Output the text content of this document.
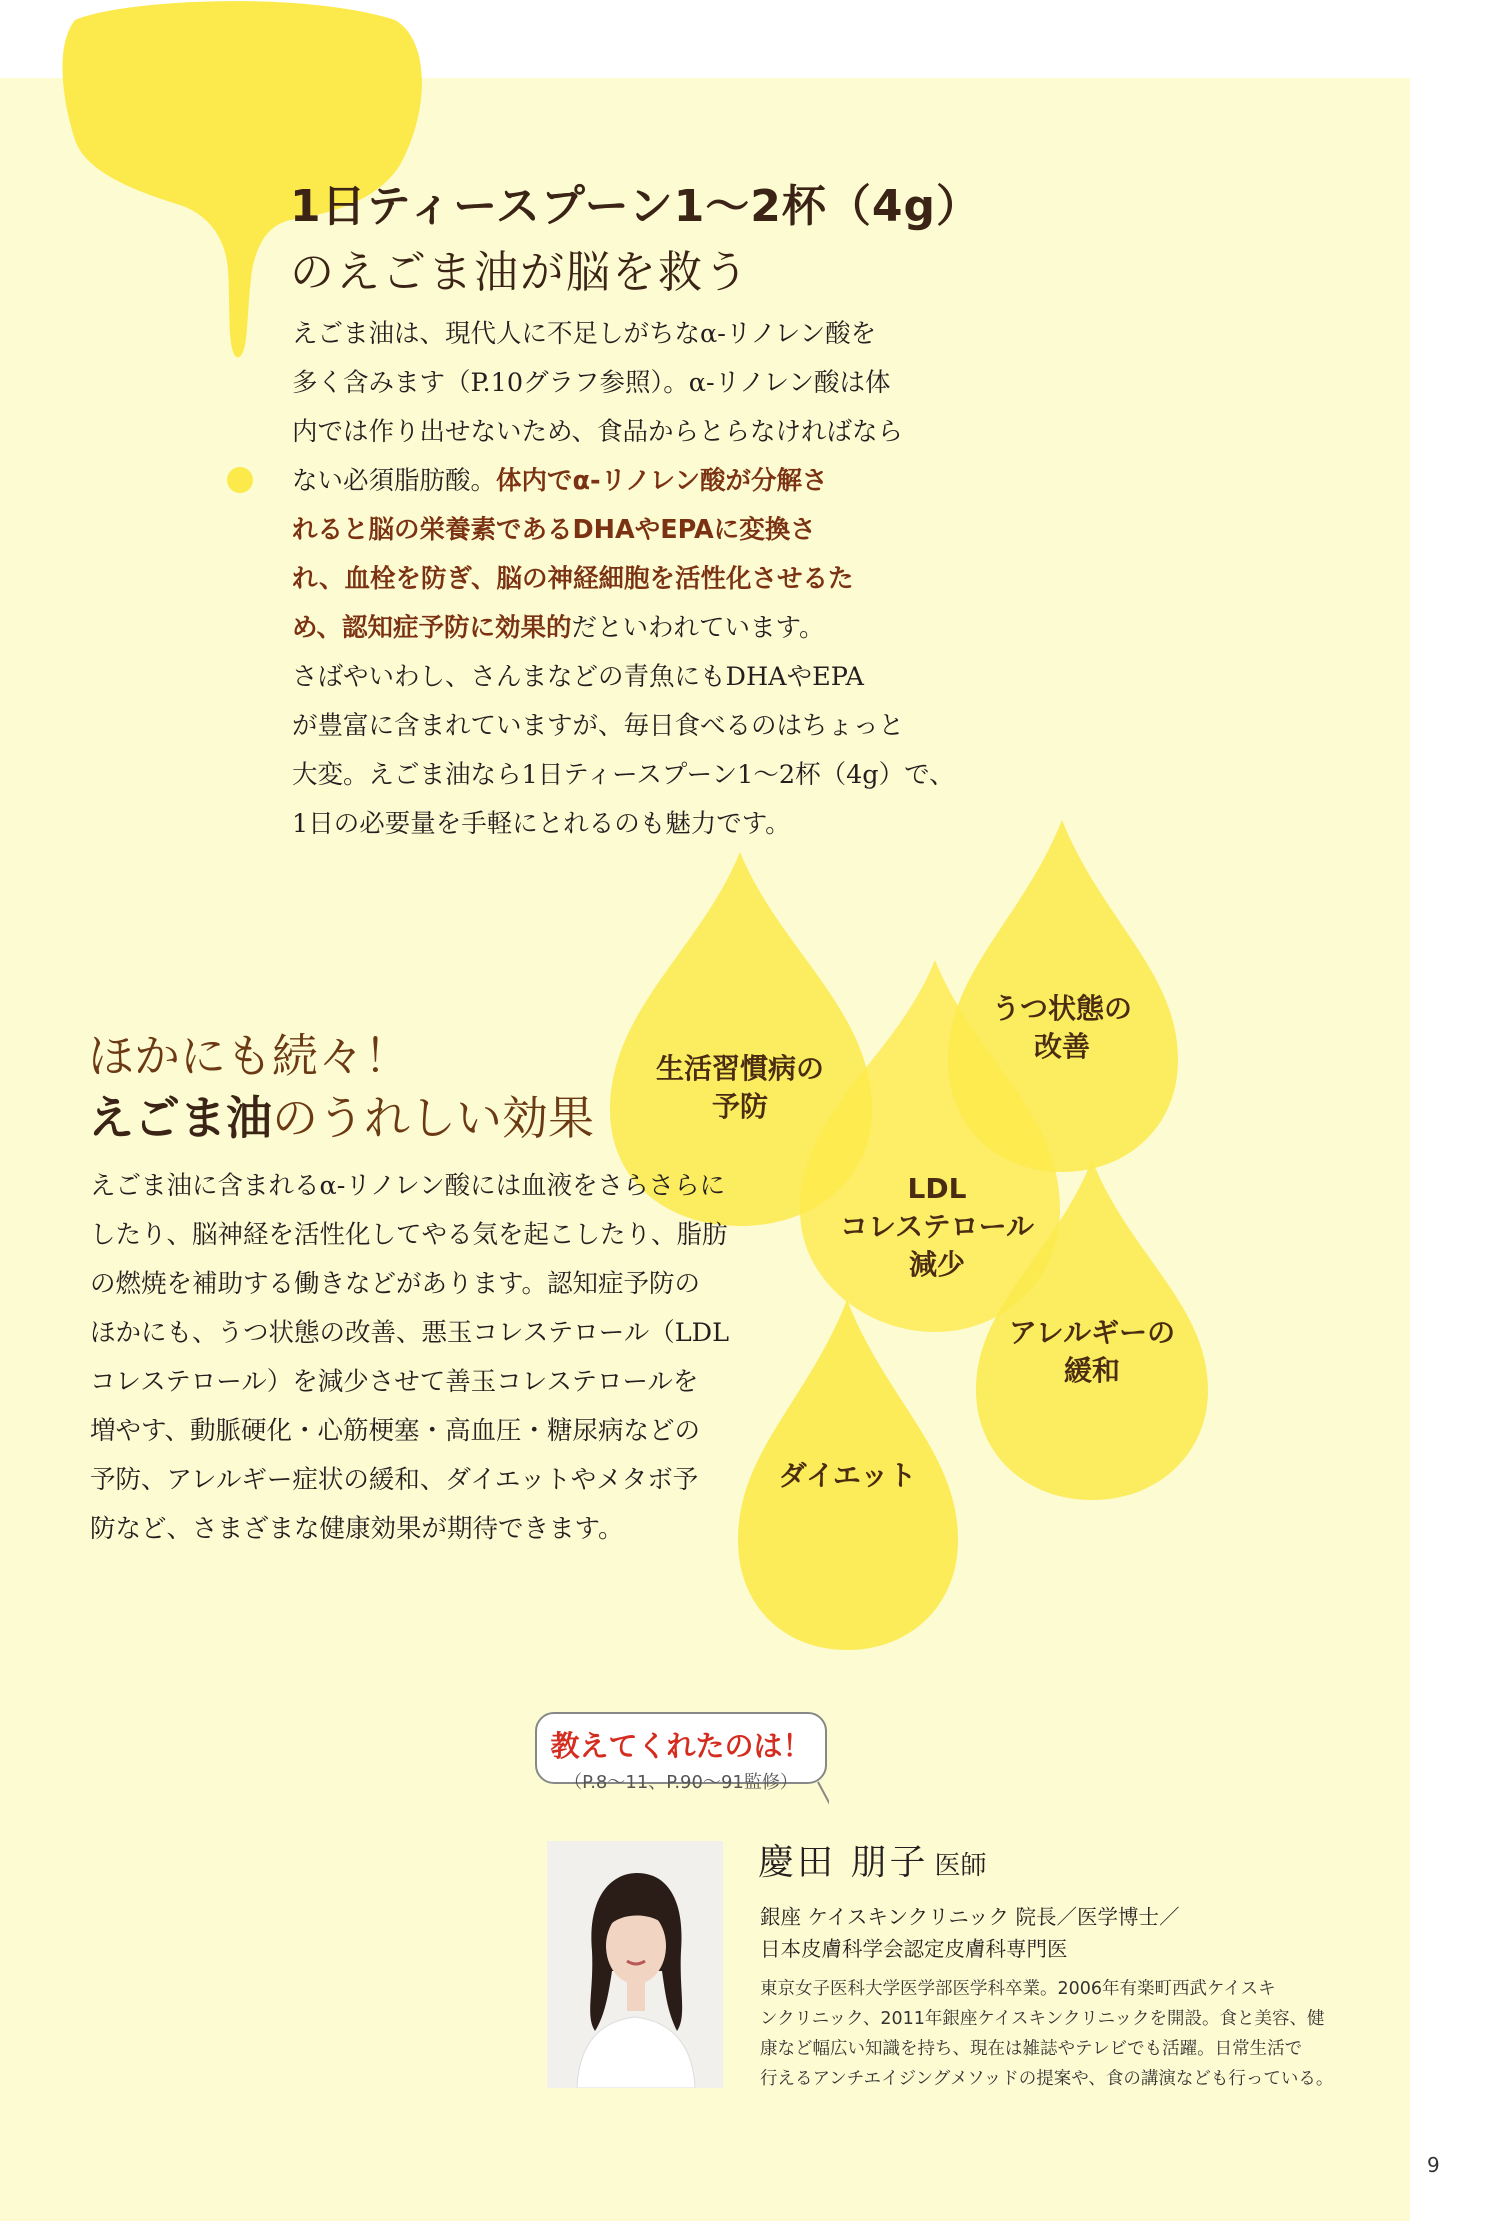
1日ティースプーン1～2杯（4g）
のえごま油が脳を救う
えごま油は、現代人に不足しがちなα-リノレン酸を
多く含みます（P.10グラフ参照）。α-リノレン酸は体
内では作り出せないため、食品からとらなければなら
ない必須脂肪酸。体内でα-リノレン酸が分解さ
れると脳の栄養素であるDHAやEPAに変換さ
れ、血栓を防ぎ、脳の神経細胞を活性化させるた
め、認知症予防に効果的だといわれています。
さばやいわし、さんまなどの青魚にもDHAやEPA
が豊富に含まれていますが、毎日食べるのはちょっと
大変。えごま油なら1日ティースプーン1～2杯（4g）で、
1日の必要量を手軽にとれるのも魅力です。
ほかにも続々！
えごま油のうれしい効果
えごま油に含まれるα-リノレン酸には血液をさらさらに
したり、脳神経を活性化してやる気を起こしたり、脂肪
の燃焼を補助する働きなどがあります。認知症予防の
ほかにも、うつ状態の改善、悪玉コレステロール（LDL
コレステロール）を減少させて善玉コレステロールを
増やす、動脈硬化・心筋梗塞・高血圧・糖尿病などの
予防、アレルギー症状の緩和、ダイエットやメタボ予
防など、さまざまな健康効果が期待できます。
生活習慣病の
予防
うつ状態の
改善
LDL
コレステロール
減少
アレルギーの
緩和
ダイエット
教えてくれたのは！
（P.8～11、P.90～91監修）
慶田 朋子 医師
銀座 ケイスキンクリニック 院長／医学博士／
日本皮膚科学会認定皮膚科専門医
東京女子医科大学医学部医学科卒業。2006年有楽町西武ケイスキ
ンクリニック、2011年銀座ケイスキンクリニックを開設。食と美容、健
康など幅広い知識を持ち、現在は雑誌やテレビでも活躍。日常生活で
行えるアンチエイジングメソッドの提案や、食の講演なども行っている。
9
